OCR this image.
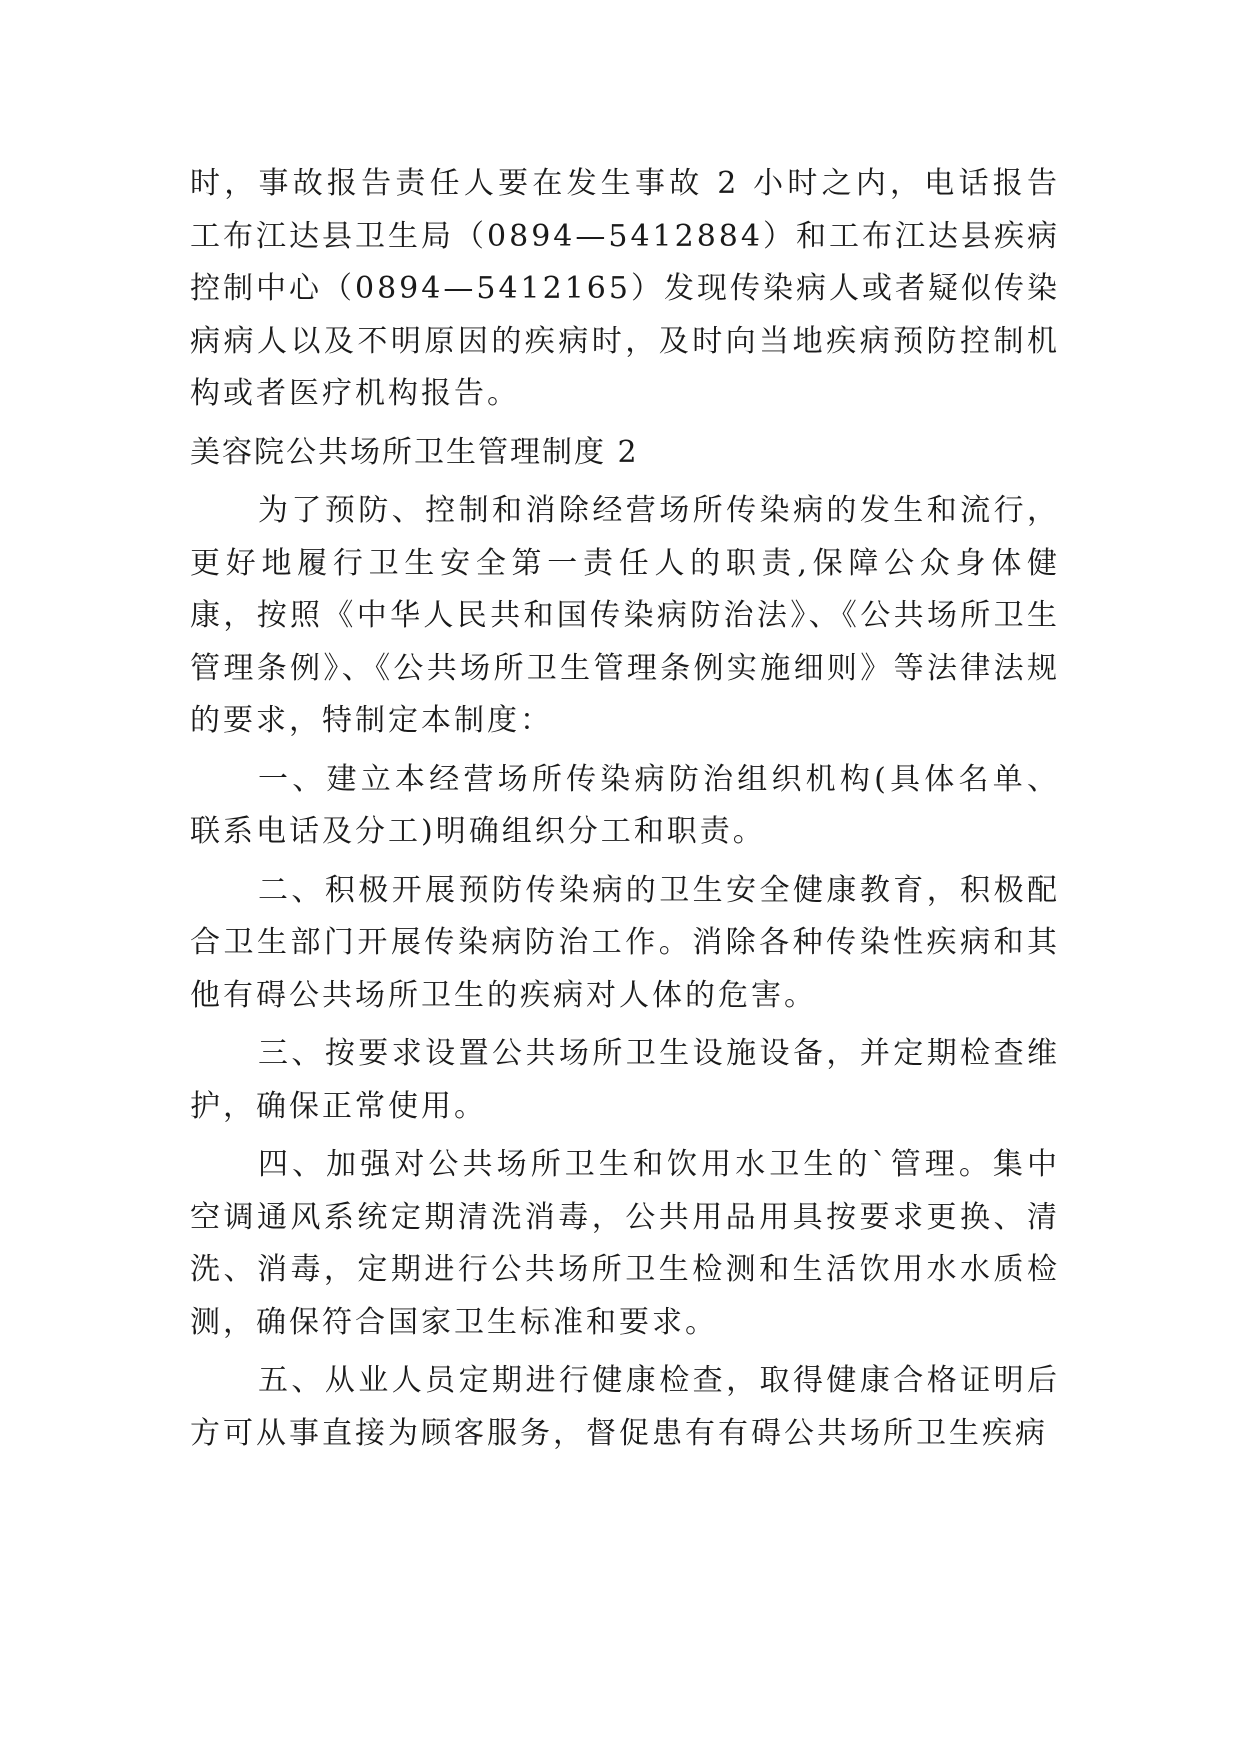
时，事故报告责任人要在发生事故 2 小时之内，电话报告工布江达县卫生局（0894—5412884）和工布江达县疾病控制中心（0894—5412165）发现传染病人或者疑似传染病病人以及不明原因的疾病时，及时向当地疾病预防控制机构或者医疗机构报告。

美容院公共场所卫生管理制度 2

为了预防、控制和消除经营场所传染病的发生和流行，更好地履行卫生安全第一责任人的职责,保障公众身体健康，按照《中华人民共和国传染病防治法》、《公共场所卫生管理条例》、《公共场所卫生管理条例实施细则》等法律法规的要求，特制定本制度：

一、建立本经营场所传染病防治组织机构(具体名单、联系电话及分工)明确组织分工和职责。

二、积极开展预防传染病的卫生安全健康教育，积极配合卫生部门开展传染病防治工作。消除各种传染性疾病和其他有碍公共场所卫生的疾病对人体的危害。

三、按要求设置公共场所卫生设施设备，并定期检查维护，确保正常使用。

四、加强对公共场所卫生和饮用水卫生的`管理。集中空调通风系统定期清洗消毒，公共用品用具按要求更换、清洗、消毒，定期进行公共场所卫生检测和生活饮用水水质检测，确保符合国家卫生标准和要求。

五、从业人员定期进行健康检查，取得健康合格证明后方可从事直接为顾客服务，督促患有有碍公共场所卫生疾病
